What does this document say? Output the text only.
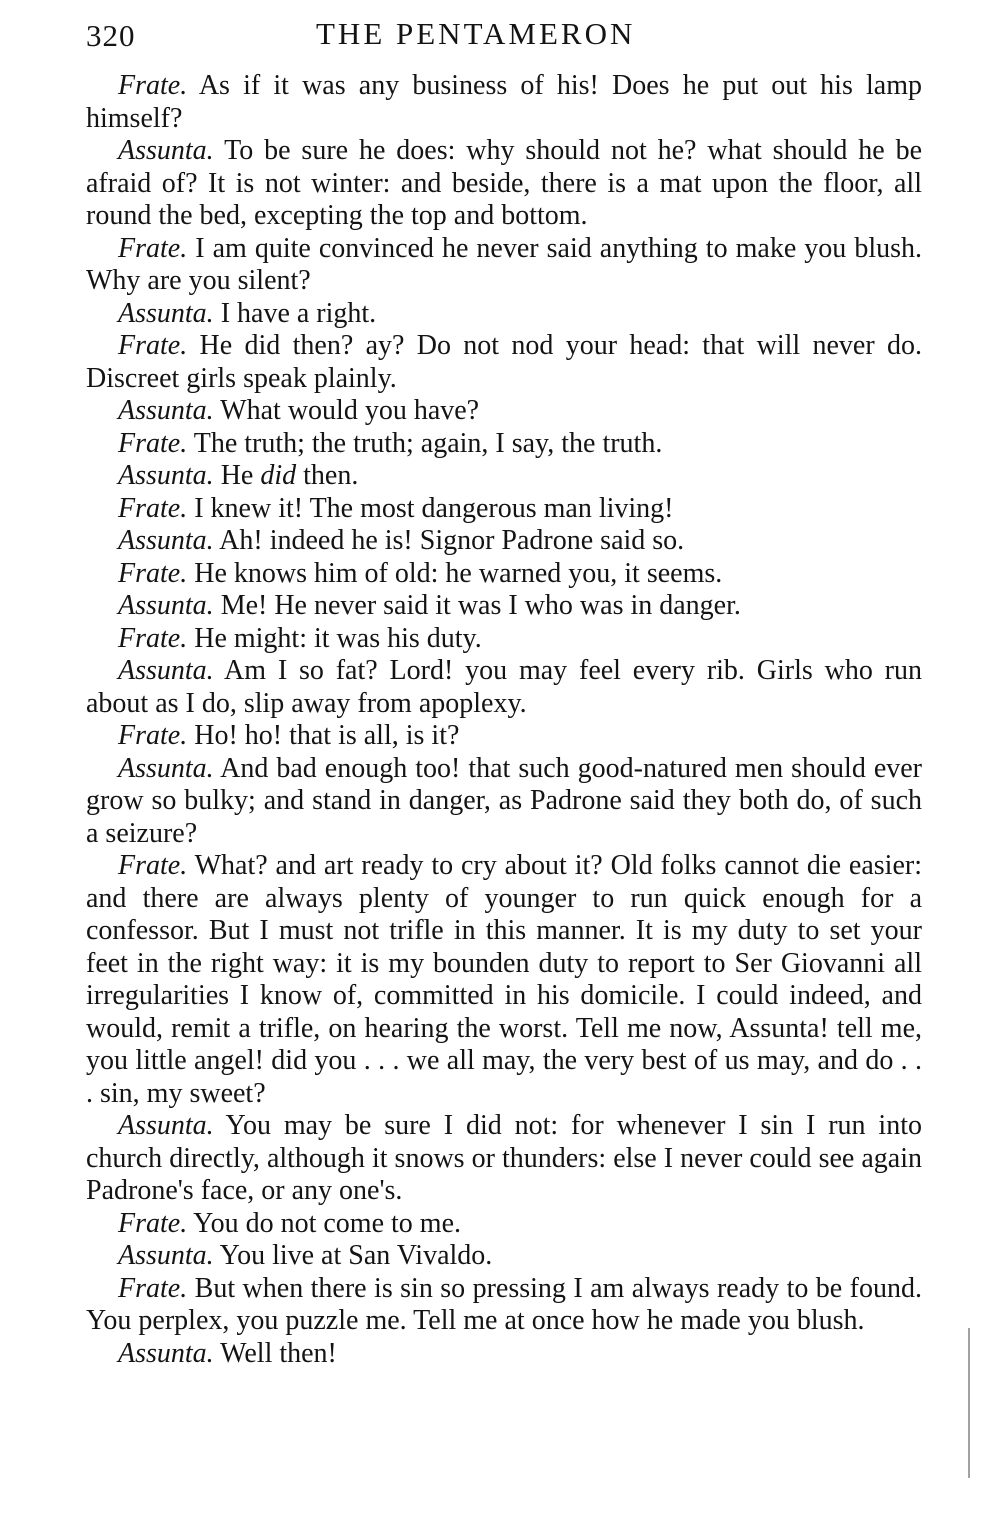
320	THE PENTAMERON

Frate. As if it was any business of his! Does he put out his lamp himself?

Assunta. To be sure he does: why should not he? what should he be afraid of? It is not winter: and beside, there is a mat upon the floor, all round the bed, excepting the top and bottom.

Frate. I am quite convinced he never said anything to make you blush. Why are you silent?

Assunta. I have a right.

Frate. He did then? ay? Do not nod your head: that will never do. Discreet girls speak plainly.

Assunta. What would you have?

Frate. The truth; the truth; again, I say, the truth.

Assunta. He did then.

Frate. I knew it! The most dangerous man living!

Assunta. Ah! indeed he is! Signor Padrone said so.

Frate. He knows him of old: he warned you, it seems.

Assunta. Me! He never said it was I who was in danger.

Frate. He might: it was his duty.

Assunta. Am I so fat? Lord! you may feel every rib. Girls who run about as I do, slip away from apoplexy.

Frate. Ho! ho! that is all, is it?

Assunta. And bad enough too! that such good-natured men should ever grow so bulky; and stand in danger, as Padrone said they both do, of such a seizure?

Frate. What? and art ready to cry about it? Old folks cannot die easier: and there are always plenty of younger to run quick enough for a confessor. But I must not trifle in this manner. It is my duty to set your feet in the right way: it is my bounden duty to report to Ser Giovanni all irregularities I know of, committed in his domicile. I could indeed, and would, remit a trifle, on hearing the worst. Tell me now, Assunta! tell me, you little angel! did you . . . we all may, the very best of us may, and do . . . sin, my sweet?

Assunta. You may be sure I did not: for whenever I sin I run into church directly, although it snows or thunders: else I never could see again Padrone's face, or any one's.

Frate. You do not come to me.

Assunta. You live at San Vivaldo.

Frate. But when there is sin so pressing I am always ready to be found. You perplex, you puzzle me. Tell me at once how he made you blush.

Assunta. Well then!
